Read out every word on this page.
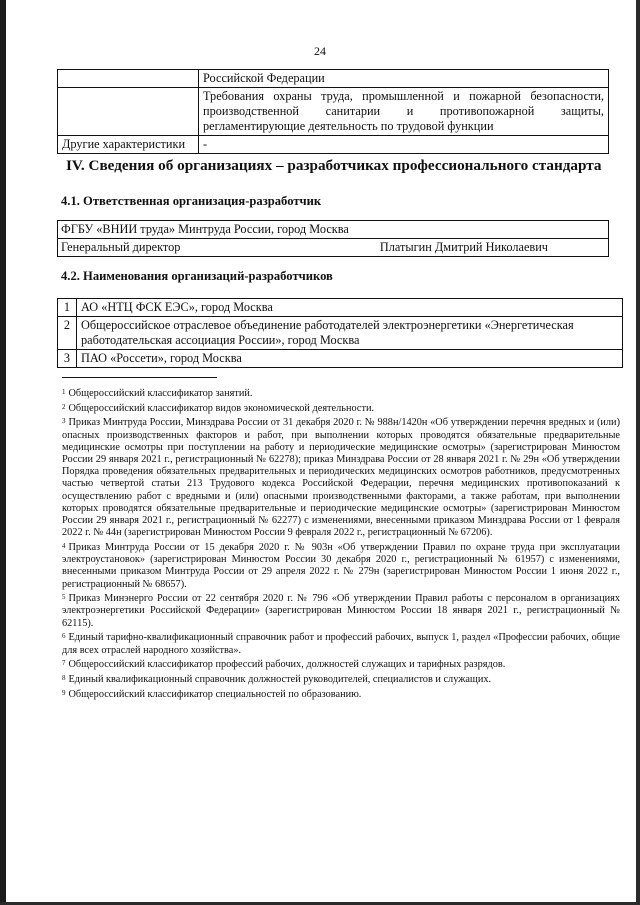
24
	Российской Федерации

	Требования охраны труда, промышленной и пожарной безопасности,
производственной санитарии и противопожарной защиты,
регламентирующие деятельность по трудовой функции

Другие характеристики	-
IV. Сведения об организациях – разработчиках профессионального стандарта
4.1. Ответственная организация-разработчик
ФГБУ «ВНИИ труда» Минтруда России, город Москва
Генеральный директор	Платыгин Дмитрий Николаевич
4.2. Наименования организаций-разработчиков
1	АО «НТЦ ФСК ЕЭС», город Москва

2	Общероссийское отраслевое объединение работодателей электроэнергетики «Энергетическая
работодательская ассоциация России», город Москва

3	ПАО «Россети», город Москва

$^1$ Общероссийский классификатор занятий.

$^2$ Общероссийский классификатор видов экономической деятельности.

$^3$ Приказ Минтруда России, Минздрава России от 31 декабря 2020 г. № 988н/1420н «Об утверждении перечня вредных и (или) опасных производственных факторов и работ, при выполнении которых проводятся обязательные предварительные медицинские осмотры при поступлении на работу и периодические медицинские осмотры» (зарегистрирован Минюстом России 29 января 2021 г., регистрационный № 62278); приказ Минздрава России от 28 января 2021 г. № 29н «Об утверждении Порядка проведения обязательных предварительных и периодических медицинских осмотров работников, предусмотренных частью четвертой статьи 213 Трудового кодекса Российской Федерации, перечня медицинских противопоказаний к осуществлению работ с вредными и (или) опасными производственными факторами, а также работам, при выполнении которых проводятся обязательные предварительные и периодические медицинские осмотры» (зарегистрирован Минюстом России 29 января 2021 г., регистрационный № 62277) с изменениями, внесенными приказом Минздрава России от 1 февраля 2022 г. № 44н (зарегистрирован Минюстом России 9 февраля 2022 г., регистрационный № 67206).

$^4$ Приказ Минтруда России от 15 декабря 2020 г. № 903н «Об утверждении Правил по охране труда при эксплуатации электроустановок» (зарегистрирован Минюстом России 30 декабря 2020 г., регистрационный № 61957) с изменениями, внесенными приказом Минтруда России от 29 апреля 2022 г. № 279н (зарегистрирован Минюстом России 1 июня 2022 г., регистрационный № 68657).

$^5$ Приказ Минэнерго России от 22 сентября 2020 г. № 796 «Об утверждении Правил работы с персоналом в организациях электроэнергетики Российской Федерации» (зарегистрирован Минюстом России 18 января 2021 г., регистрационный № 62115).

$^6$ Единый тарифно-квалификационный справочник работ и профессий рабочих, выпуск 1, раздел «Профессии рабочих, общие для всех отраслей народного хозяйства».

$^7$ Общероссийский классификатор профессий рабочих, должностей служащих и тарифных разрядов.

$^8$ Единый квалификационный справочник должностей руководителей, специалистов и служащих.

$^9$ Общероссийский классификатор специальностей по образованию.
